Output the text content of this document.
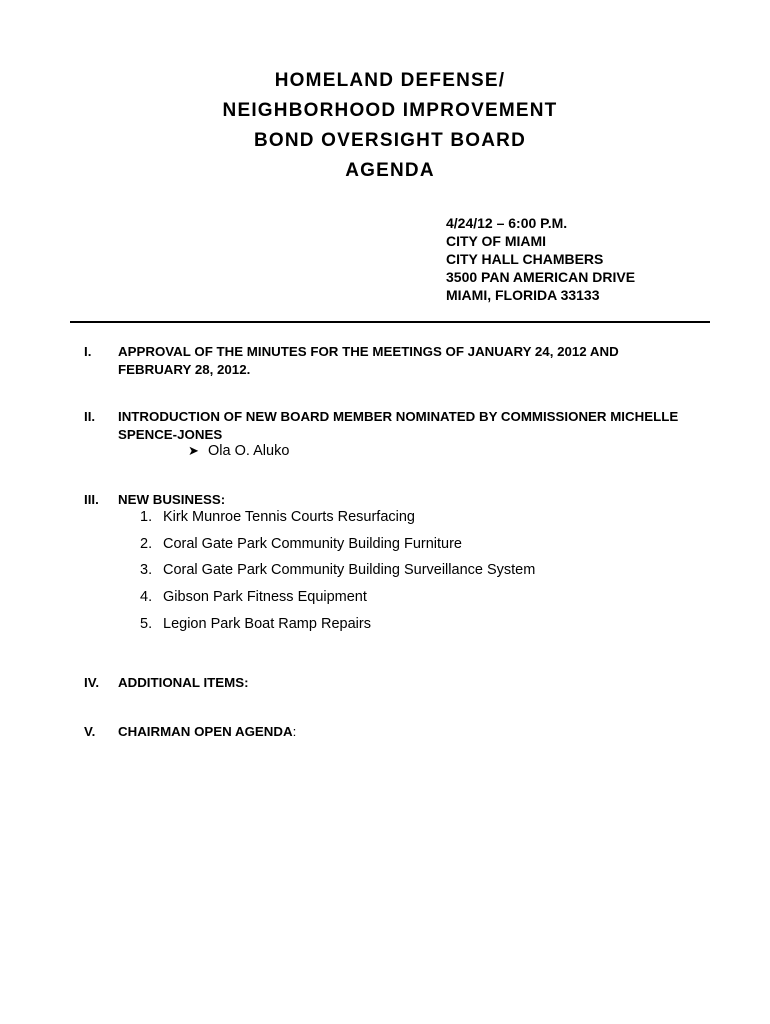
HOMELAND DEFENSE/
NEIGHBORHOOD IMPROVEMENT
BOND OVERSIGHT BOARD
AGENDA
4/24/12 – 6:00 P.M.
CITY OF MIAMI
CITY HALL CHAMBERS
3500 PAN AMERICAN DRIVE
MIAMI, FLORIDA 33133
I.	APPROVAL OF THE MINUTES FOR THE MEETINGS OF JANUARY 24, 2012 AND
FEBRUARY 28, 2012.
II.	INTRODUCTION OF NEW BOARD MEMBER NOMINATED BY COMMISSIONER MICHELLE
SPENCE-JONES
➤ Ola O. Aluko
III.	NEW BUSINESS:
1. Kirk Munroe Tennis Courts Resurfacing
2. Coral Gate Park Community Building Furniture
3. Coral Gate Park Community Building Surveillance System
4. Gibson Park Fitness Equipment
5. Legion Park Boat Ramp Repairs
IV.	ADDITIONAL ITEMS:
V.	CHAIRMAN OPEN AGENDA:
